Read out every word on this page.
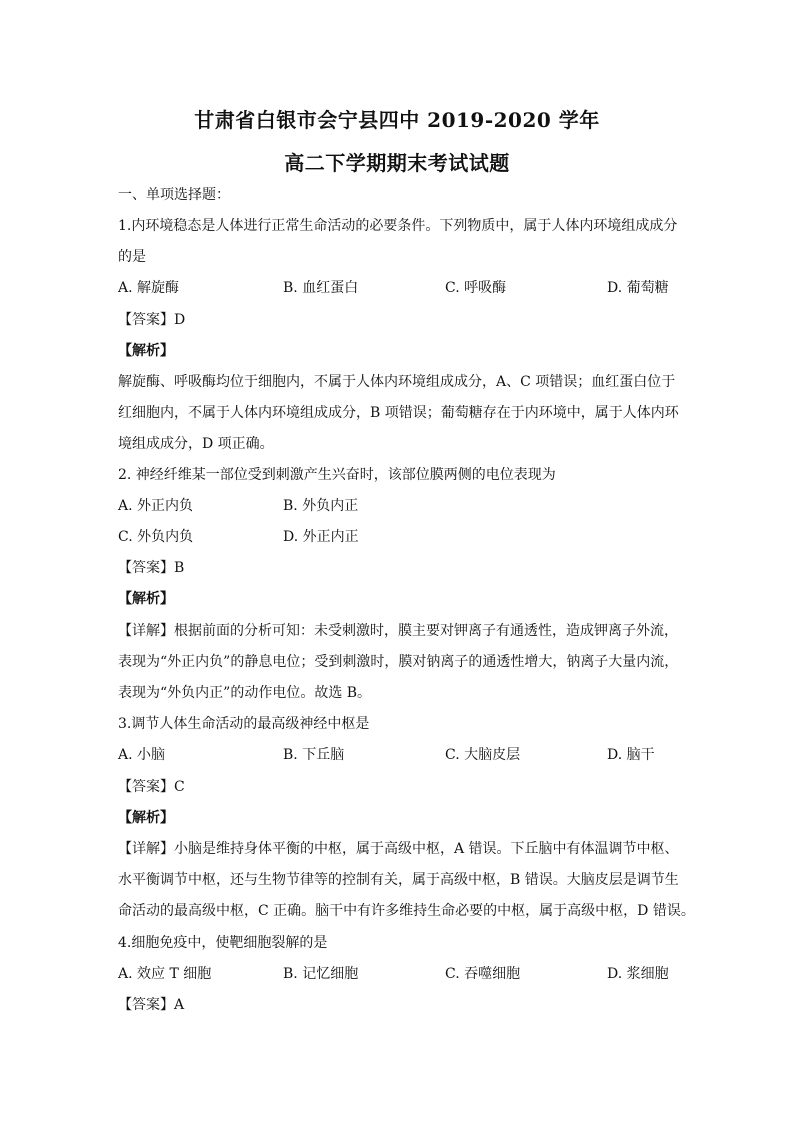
甘肃省白银市会宁县四中 2019-2020 学年
高二下学期期末考试试题
一、单项选择题：
1.内环境稳态是人体进行正常生命活动的必要条件。下列物质中，属于人体内环境组成成分
的是
A. 解旋酶	B. 血红蛋白	C. 呼吸酶	D. 葡萄糖
【答案】D
【解析】
解旋酶、呼吸酶均位于细胞内，不属于人体内环境组成成分，A、C 项错误；血红蛋白位于
红细胞内，不属于人体内环境组成成分，B 项错误；葡萄糖存在于内环境中，属于人体内环
境组成成分，D 项正确。
2. 神经纤维某一部位受到刺激产生兴奋时，该部位膜两侧的电位表现为
A. 外正内负	B. 外负内正
C. 外负内负	D. 外正内正
【答案】B
【解析】
【详解】根据前面的分析可知：未受刺激时，膜主要对钾离子有通透性，造成钾离子外流，
表现为“外正内负”的静息电位；受到刺激时，膜对钠离子的通透性增大，钠离子大量内流，
表现为“外负内正”的动作电位。故选 B。
3.调节人体生命活动的最高级神经中枢是
A. 小脑	B. 下丘脑	C. 大脑皮层	D. 脑干
【答案】C
【解析】
【详解】小脑是维持身体平衡的中枢，属于高级中枢，A 错误。下丘脑中有体温调节中枢、
水平衡调节中枢，还与生物节律等的控制有关，属于高级中枢，B 错误。大脑皮层是调节生
命活动的最高级中枢，C 正确。脑干中有许多维持生命必要的中枢，属于高级中枢，D 错误。
4.细胞免疫中，使靶细胞裂解的是
A. 效应 T 细胞	B. 记忆细胞	C. 吞噬细胞	D. 浆细胞
【答案】A
